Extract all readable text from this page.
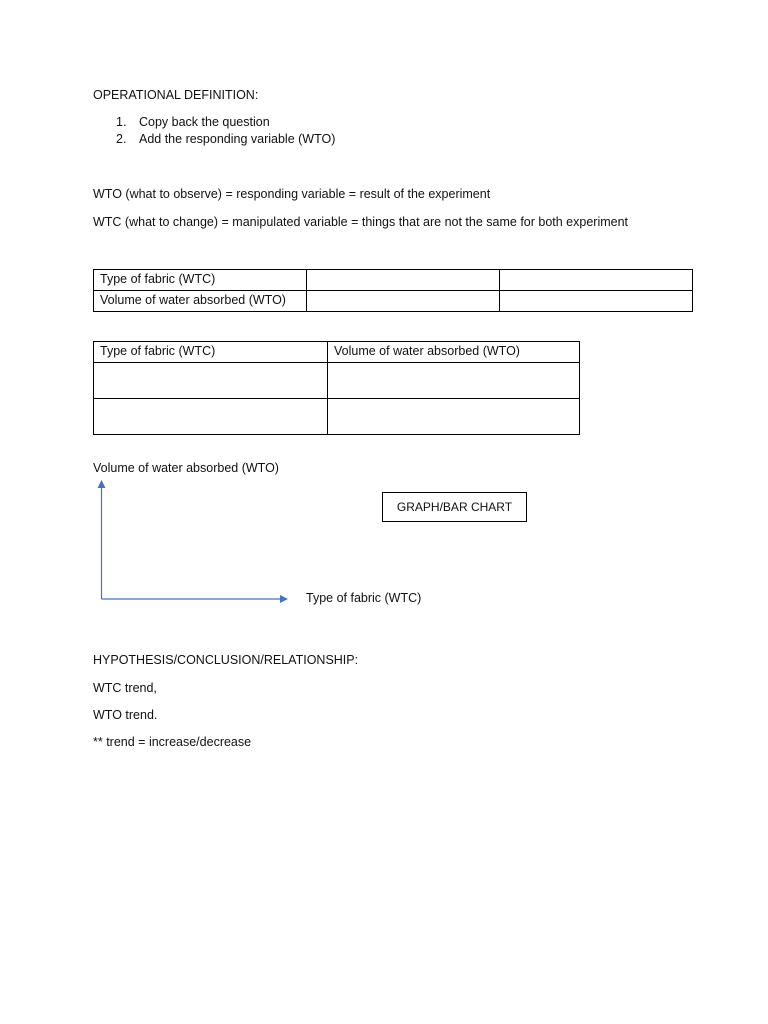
OPERATIONAL DEFINITION:
1. Copy back the question
2. Add the responding variable (WTO)
WTO (what to observe) = responding variable = result of the experiment
WTC (what to change) = manipulated variable = things that are not the same for both experiment
Type of fabric (WTC)		
Volume of water absorbed (WTO)		
Type of fabric (WTC)	Volume of water absorbed (WTO)

Volume of water absorbed (WTO)
GRAPH/BAR CHART
Type of fabric (WTC)
HYPOTHESIS/CONCLUSION/RELATIONSHIP:
WTC trend,
WTO trend.
** trend = increase/decrease
